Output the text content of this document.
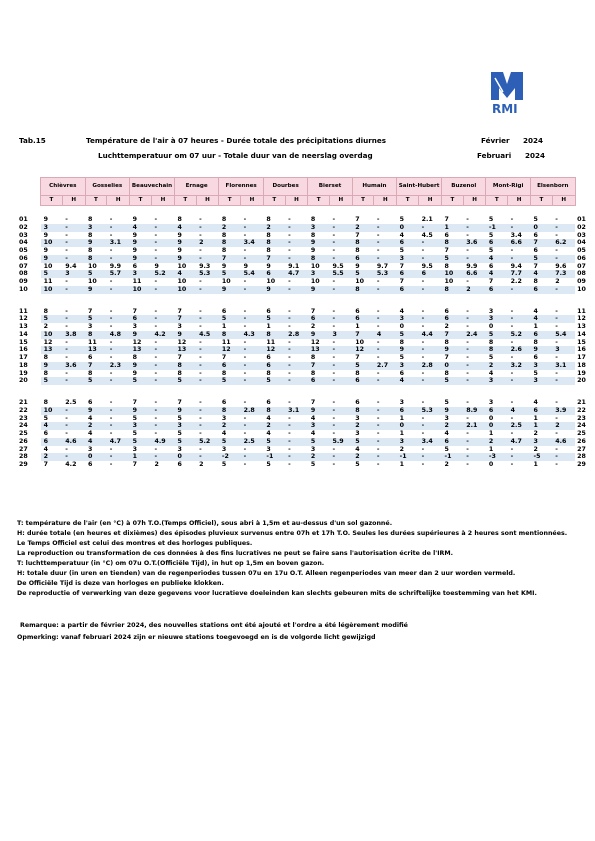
RMI
Tab.15	Température de l'air à 07 heures - Durée totale des précipitations diurnes
Luchttemperatuur om 07 uur - Totale duur van de neerslag overdag
Février 2024
Februari 2024
	Chièvres		Gosselies		Beauvechain		Ernage		Florennes		Dourbes		Bierset		Humain		Saint-Hubert		Buzenol		Mont-Rigi		Elsenborn		
	T	H	T	H	T	H	T	H	T	H	T	H	T	H	T	H	T	H	T	H	T	H	T	H	

01	9	-	8	-	9	-	8	-	8	-	8	-	8	-	7	-	5	2.1	7	-	5	-	5	-	01
02	3	-	3	-	4	-	4	-	2	-	2	-	3	-	2	-	0	-	1	-	-1	-	0	-	02
03	9	-	8	-	9	-	9	-	8	-	8	-	8	-	7	-	4	4.5	6	-	5	3.4	6	-	03
04	10	-	9	3.1	9	-	9	2	8	3.4	8	-	9	-	8	-	6	-	8	3.6	6	6.6	7	6.2	04
05	9	-	8	-	9	-	9	-	8	-	8	-	9	-	8	-	5	-	7	-	5	-	6	-	05
06	9	-	8	-	9	-	9	-	7	-	7	-	8	-	6	-	3	-	5	-	4	-	5	-	06
07	10	9.4	10	9.9	6	9	10	9.3	9	9	9	9.1	10	9.5	9	9.7	7	9.5	8	9.9	6	9.4	7	9.6	07
08	5	3	5	5.7	3	5.2	4	5.3	5	5.4	6	4.7	3	5.5	5	5.3	6	6	10	6.6	4	7.7	4	7.3	08
09	11	-	10	-	11	-	10	-	10	-	10	-	10	-	10	-	7	-	10	-	7	2.2	8	2	09
10	10	-	9	-	10	-	10	-	9	-	9	-	9	-	8	-	6	-	8	2	6	-	6	-	10

11	8	-	7	-	7	-	7	-	6	-	6	-	7	-	6	-	4	-	6	-	3	-	4	-	11
12	5	-	5	-	6	-	7	-	5	-	5	-	6	-	6	-	3	-	6	-	3	-	4	-	12
13	2	-	3	-	3	-	3	-	1	-	1	-	2	-	1	-	0	-	2	-	0	-	1	-	13
14	10	3.8	8	4.8	9	4.2	9	4.5	8	4.3	8	2.8	9	3	7	4	5	4.4	7	2.4	5	5.2	6	5.4	14
15	12	-	11	-	12	-	12	-	11	-	11	-	12	-	10	-	8	-	8	-	8	-	8	-	15
16	13	-	13	-	13	-	13	-	12	-	12	-	13	-	12	-	9	-	9	-	8	2.6	9	3	16
17	8	-	6	-	8	-	7	-	7	-	6	-	8	-	7	-	5	-	7	-	5	-	6	-	17
18	9	3.6	7	2.3	9	-	8	-	6	-	6	-	7	-	5	2.7	3	2.8	0	-	2	3.2	3	3.1	18
19	8	-	8	-	9	-	8	-	8	-	8	-	8	-	8	-	6	-	8	-	4	-	5	-	19
20	5	-	5	-	5	-	5	-	5	-	5	-	6	-	6	-	4	-	5	-	3	-	3	-	20

21	8	2.5	6	-	7	-	7	-	6	-	6	-	7	-	6	-	3	-	5	-	3	-	4	-	21
22	10	-	9	-	9	-	9	-	8	2.8	8	3.1	9	-	8	-	6	5.3	9	8.9	6	4	6	3.9	22
23	5	-	4	-	5	-	5	-	3	-	4	-	4	-	3	-	1	-	3	-	0	-	1	-	23
24	4	-	2	-	3	-	3	-	2	-	2	-	3	-	2	-	0	-	2	2.1	0	2.5	1	2	24
25	6	-	4	-	5	-	5	-	4	-	4	-	4	-	3	-	1	-	4	-	1	-	2	-	25
26	6	4.6	4	4.7	5	4.9	5	5.2	5	2.5	5	-	5	5.9	5	-	3	3.4	6	-	2	4.7	3	4.6	26
27	4	-	3	-	3	-	3	-	3	-	3	-	3	-	4	-	2	-	5	-	1	-	2	-	27
28	2	-	0	-	1	-	0	-	-2	-	-1	-	2	-	2	-	-1	-	-1	-	-3	-	-5	-	28
29	7	4.2	6	-	7	2	6	2	5	-	5	-	5	-	5	-	1	-	2	-	0	-	1	-	29

T: température de l'air (en °C) à 07h T.O.(Temps Officiel), sous abri à 1,5m et au-dessus d'un sol gazonné.

H: durée totale (en heures et dixièmes) des épisodes pluvieux survenus entre 07h et 17h T.O. Seules les durées supérieures à 2 heures sont mentionnées.

Le Temps Officiel est celui des montres et des horloges publiques.

La reproduction ou transformation de ces données à des fins lucratives ne peut se faire sans l'autorisation écrite de l'IRM.

T: luchttemperatuur (in °C) om 07u O.T.(Officiële Tijd), in hut op 1,5m en boven gazon.

H: totale duur (in uren en tienden) van de regenperiodes tussen 07u en 17u O.T. Alleen regenperiodes van meer dan 2 uur worden vermeld.

De Officiële Tijd is deze van horloges en publieke klokken.

De reproductie of verwerking van deze gegevens voor lucratieve doeleinden kan slechts gebeuren mits de schriftelijke toestemming van het KMI.

Remarque: a partir de février 2024, des nouvelles stations ont été ajouté et l'ordre a été légèrement modifié
Opmerking: vanaf februari 2024 zijn er nieuwe stations toegevoegd en is de volgorde licht gewijzigd
